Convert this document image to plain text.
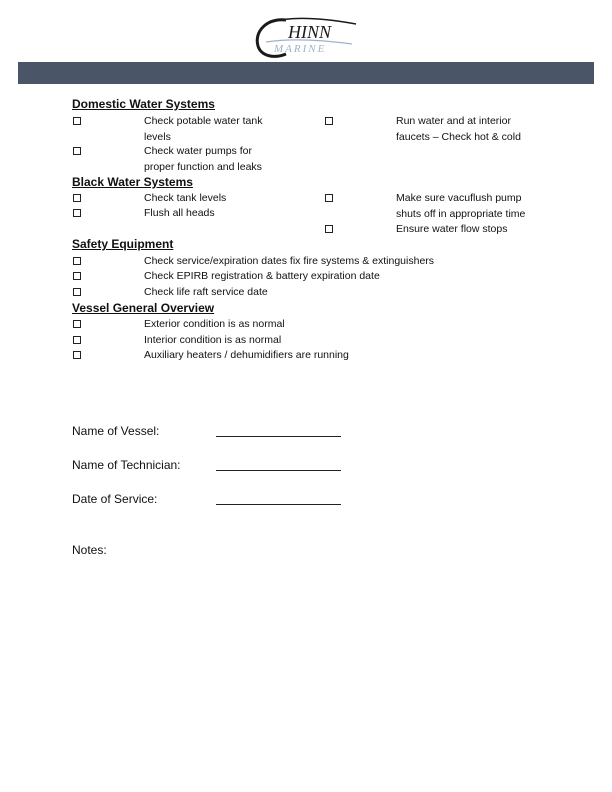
HINN
MARINE
Domestic Water Systems
Check potable water tank levels
Check water pumps for proper function and leaks
Run water and at interior faucets – Check hot & cold
Black Water Systems
Check tank levels
Flush all heads
Make sure vacuflush pump shuts off in appropriate time
Ensure water flow stops
Safety Equipment
Check service/expiration dates fix fire systems & extinguishers
Check EPIRB registration & battery expiration date
Check life raft service date
Vessel General Overview
Exterior condition is as normal
Interior condition is as normal
Auxiliary heaters / dehumidifiers are running
Name of Vessel:
Name of Technician:
Date of Service:
Notes:
